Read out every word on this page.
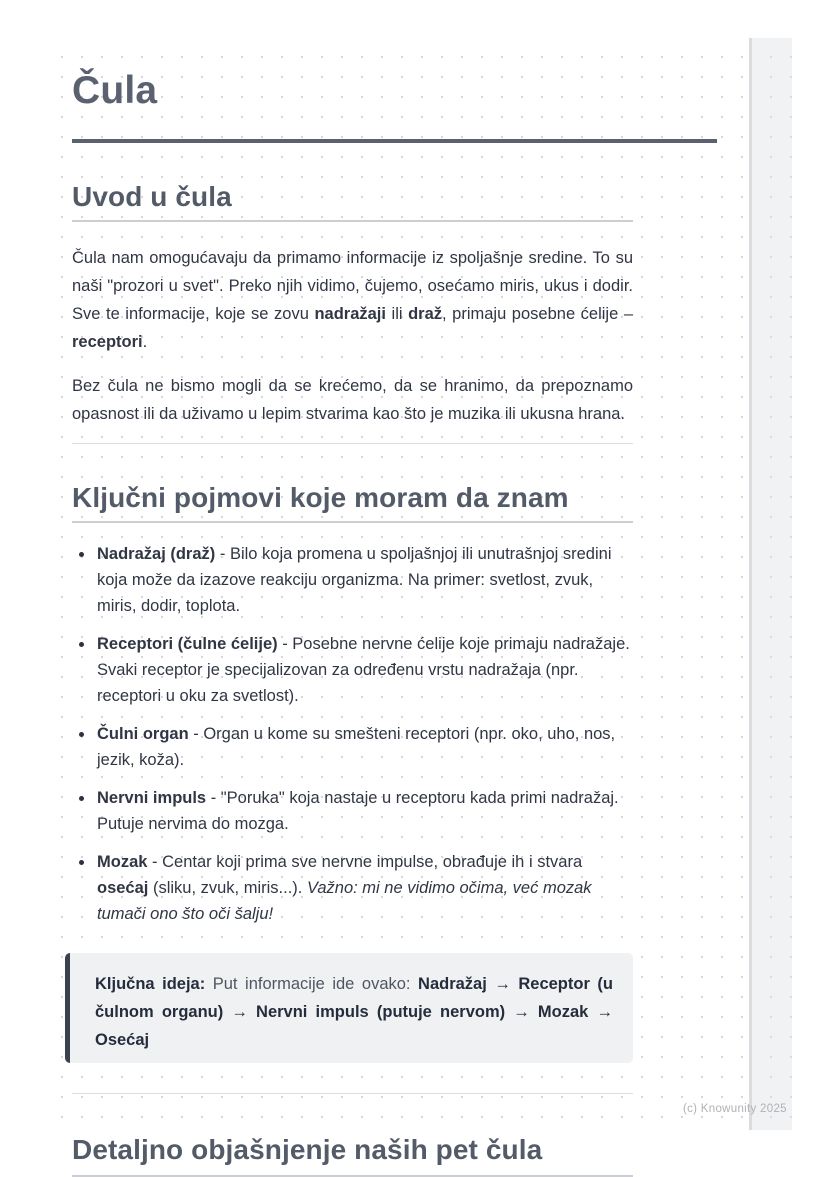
Čula
Uvod u čula

Čula nam omogućavaju da primamo informacije iz spoljašnje sredine. To su naši "prozori u svet". Preko njih vidimo, čujemo, osećamo miris, ukus i dodir. Sve te informacije, koje se zovu nadražaji ili draž, primaju posebne ćelije – receptori.

Bez čula ne bismo mogli da se krećemo, da se hranimo, da prepoznamo opasnost ili da uživamo u lepim stvarima kao što je muzika ili ukusna hrana.

Ključni pojmovi koje moram da znam
• Nadražaj (draž) - Bilo koja promena u spoljašnjoj ili unutrašnjoj sredini koja može da izazove reakciju organizma. Na primer: svetlost, zvuk, miris, dodir, toplota.
• Receptori (čulne ćelije) - Posebne nervne ćelije koje primaju nadražaje. Svaki receptor je specijalizovan za određenu vrstu nadražaja (npr. receptori u oku za svetlost).
• Čulni organ - Organ u kome su smešteni receptori (npr. oko, uho, nos, jezik, koža).
• Nervni impuls - "Poruka" koja nastaje u receptoru kada primi nadražaj. Putuje nervima do mozga.
• Mozak - Centar koji prima sve nervne impulse, obrađuje ih i stvara osećaj (sliku, zvuk, miris...). Važno: mi ne vidimo očima, već mozak tumači ono što oči šalju!
Ključna ideja: Put informacije ide ovako: Nadražaj → Receptor (u čulnom organu) → Nervni impuls (putuje nervom) → Mozak → Osećaj
Detaljno objašnjenje naših pet čula
(c) Knowunity 2025
